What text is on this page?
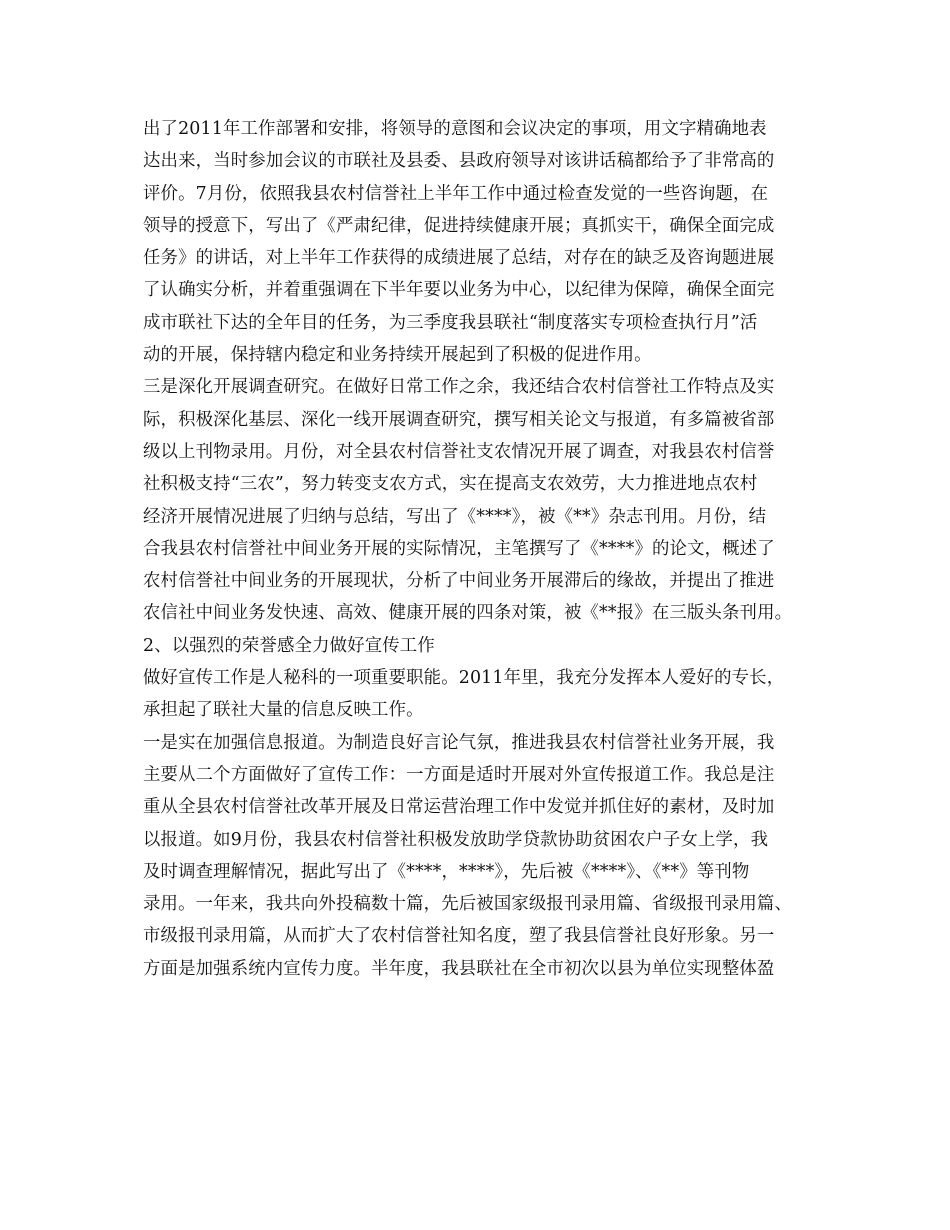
出了2011年工作部署和安排，将领导的意图和会议决定的事项，用文字精确地表
达出来，当时参加会议的市联社及县委、县政府领导对该讲话稿都给予了非常高的
评价。7月份，依照我县农村信誉社上半年工作中通过检查发觉的一些咨询题，在
领导的授意下，写出了《严肃纪律，促进持续健康开展；真抓实干，确保全面完成
任务》的讲话，对上半年工作获得的成绩进展了总结，对存在的缺乏及咨询题进展
了认确实分析，并着重强调在下半年要以业务为中心，以纪律为保障，确保全面完
成市联社下达的全年目的任务，为三季度我县联社“制度落实专项检查执行月”活
动的开展，保持辖内稳定和业务持续开展起到了积极的促进作用。
三是深化开展调查研究。在做好日常工作之余，我还结合农村信誉社工作特点及实
际，积极深化基层、深化一线开展调查研究，撰写相关论文与报道，有多篇被省部
级以上刊物录用。月份，对全县农村信誉社支农情况开展了调查，对我县农村信誉
社积极支持“三农”，努力转变支农方式，实在提高支农效劳，大力推进地点农村
经济开展情况进展了归纳与总结，写出了《****》，被《**》杂志刊用。月份，结
合我县农村信誉社中间业务开展的实际情况，主笔撰写了《****》的论文，概述了
农村信誉社中间业务的开展现状，分析了中间业务开展滞后的缘故，并提出了推进
农信社中间业务发快速、高效、健康开展的四条对策，被《**报》在三版头条刊用。
2、以强烈的荣誉感全力做好宣传工作
做好宣传工作是人秘科的一项重要职能。2011年里，我充分发挥本人爱好的专长，
承担起了联社大量的信息反映工作。
一是实在加强信息报道。为制造良好言论气氛，推进我县农村信誉社业务开展，我
主要从二个方面做好了宣传工作：一方面是适时开展对外宣传报道工作。我总是注
重从全县农村信誉社改革开展及日常运营治理工作中发觉并抓住好的素材，及时加
以报道。如9月份，我县农村信誉社积极发放助学贷款协助贫困农户子女上学，我
及时调查理解情况，据此写出了《****，****》，先后被《****》、《**》等刊物
录用。一年来，我共向外投稿数十篇，先后被国家级报刊录用篇、省级报刊录用篇、
市级报刊录用篇，从而扩大了农村信誉社知名度，塑了我县信誉社良好形象。另一
方面是加强系统内宣传力度。半年度，我县联社在全市初次以县为单位实现整体盈
